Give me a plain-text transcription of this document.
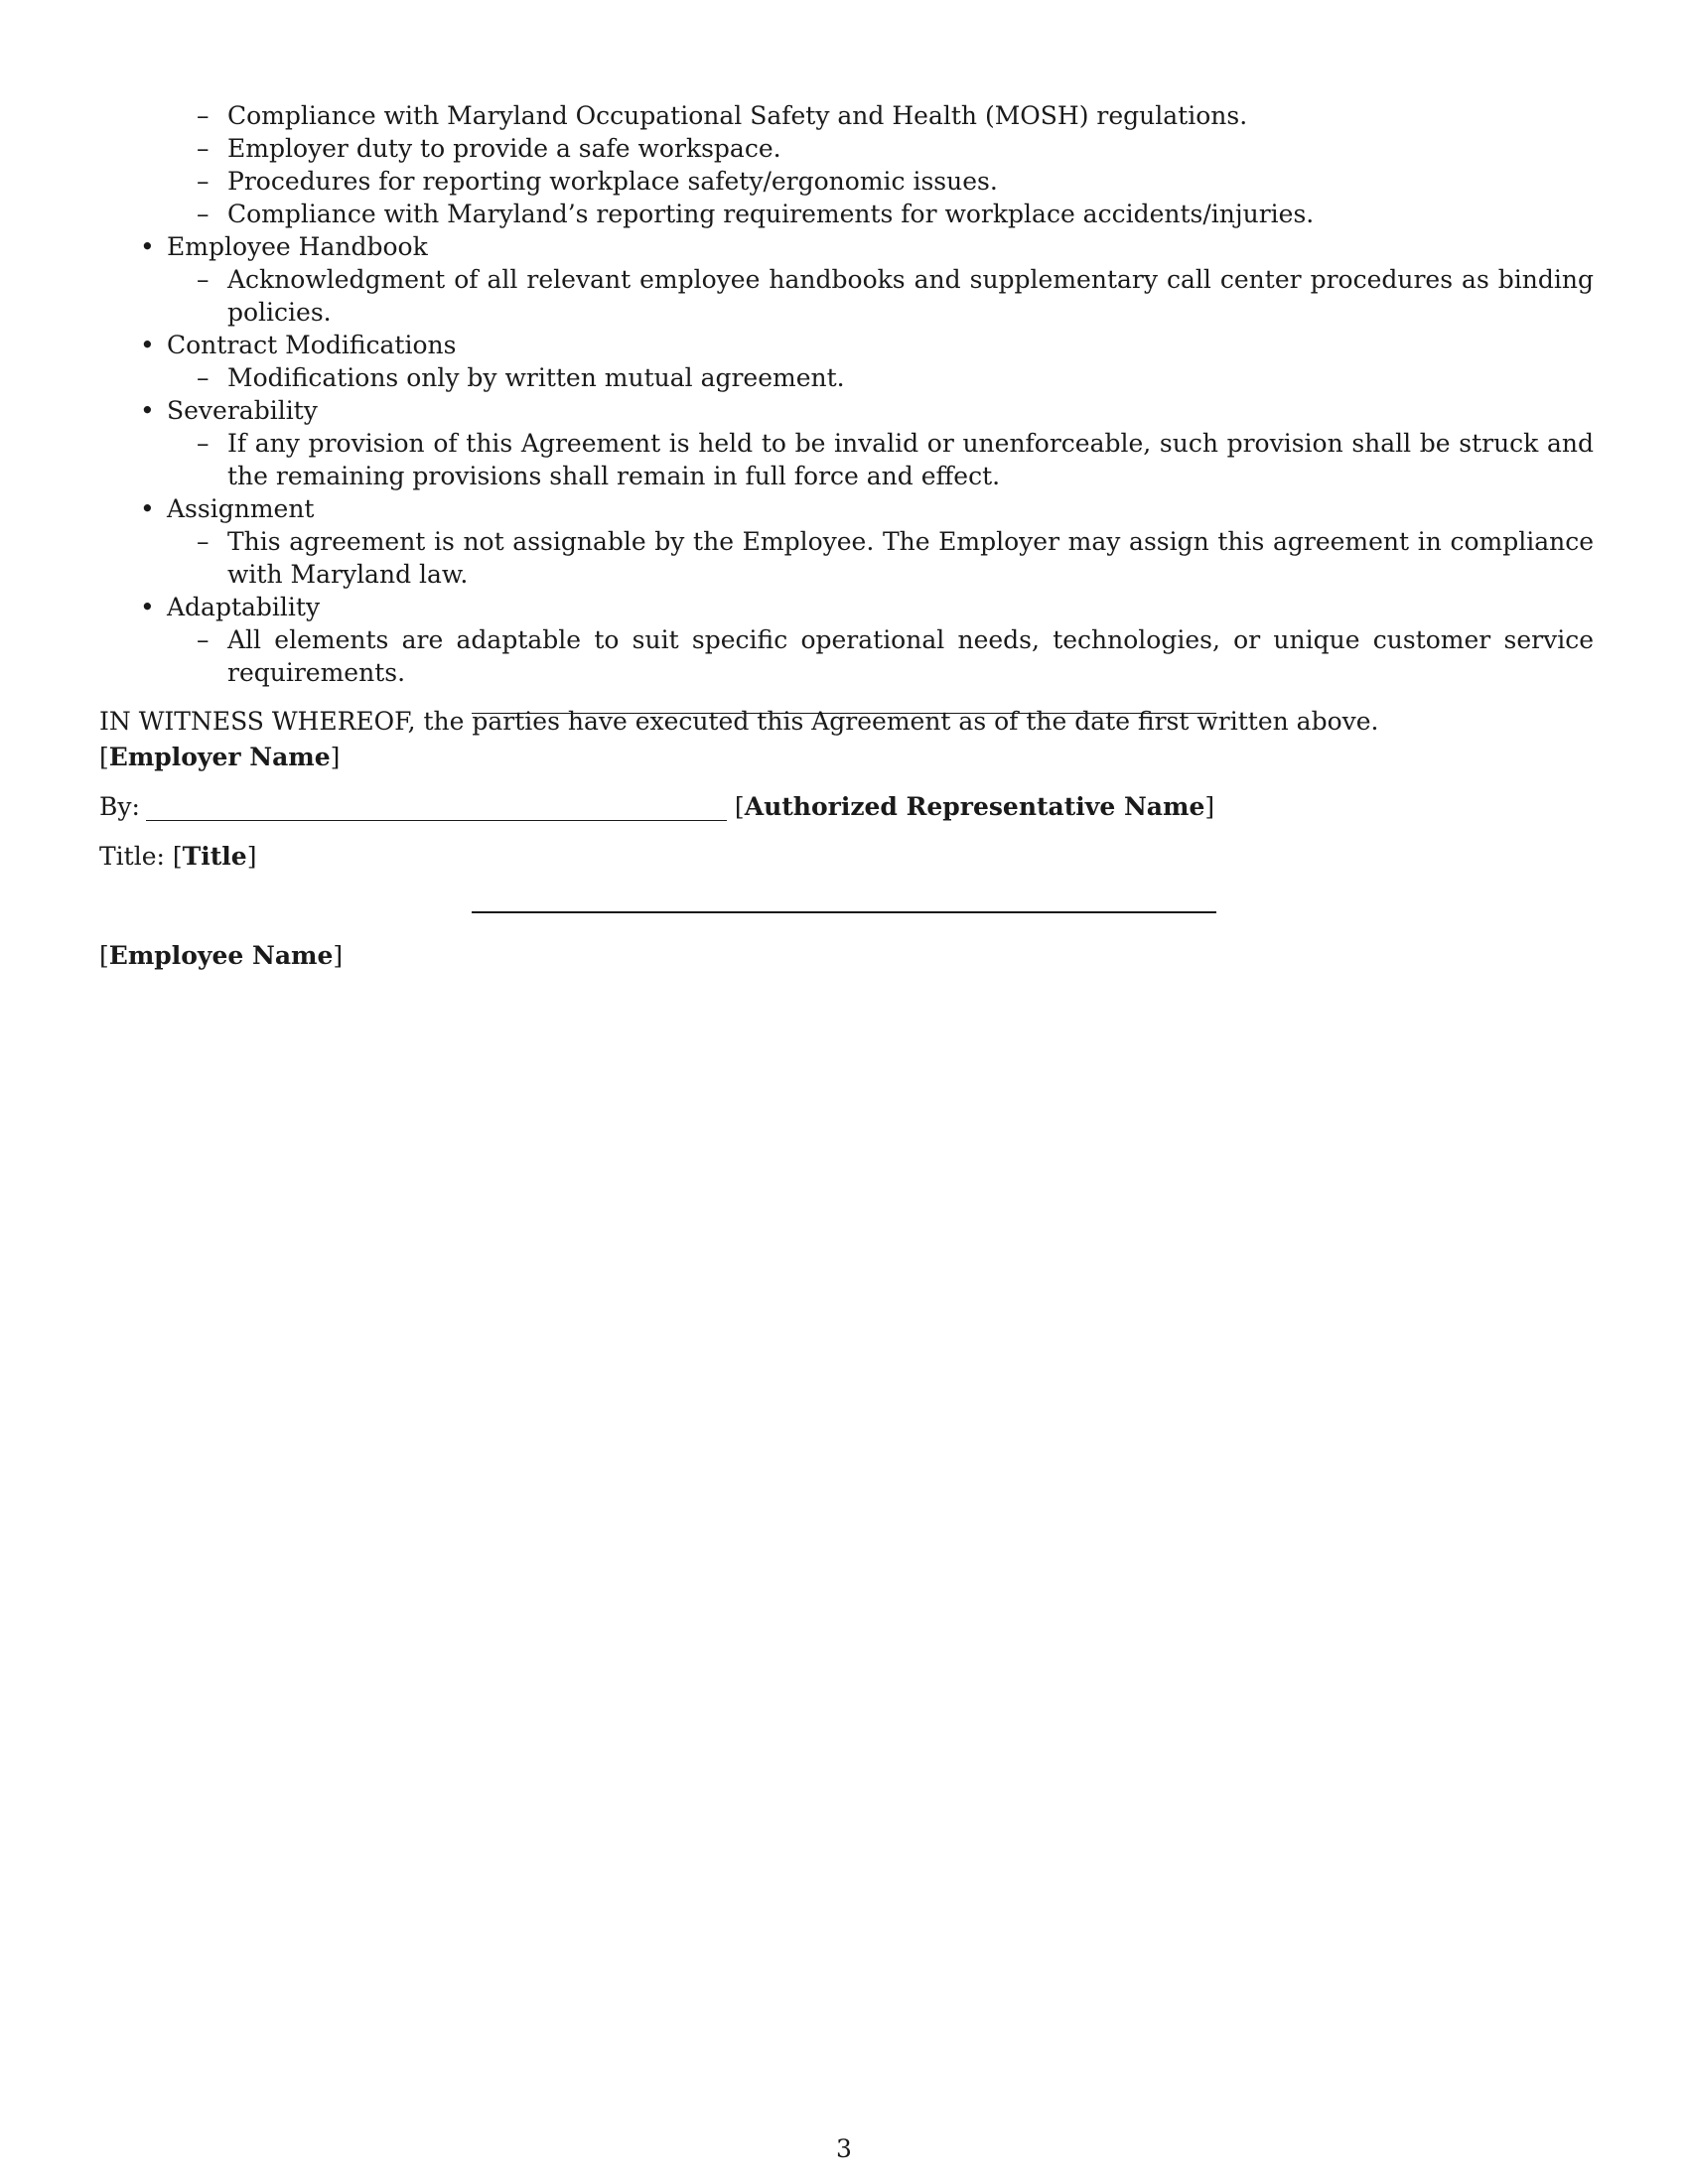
– Compliance with Maryland Occupational Safety and Health (MOSH) regulations.
– Employer duty to provide a safe workspace.
– Procedures for reporting workplace safety/ergonomic issues.
– Compliance with Maryland’s reporting requirements for workplace accidents/injuries.
• Employee Handbook
– Acknowledgment of all relevant employee handbooks and supplementary call center procedures as binding policies.
• Contract Modifications
– Modifications only by written mutual agreement.
• Severability
– If any provision of this Agreement is held to be invalid or unenforceable, such provision shall be struck and the remaining provisions shall remain in full force and effect.
• Assignment
– This agreement is not assignable by the Employee. The Employer may assign this agreement in compliance with Maryland law.
• Adaptability
– All elements are adaptable to suit specific operational needs, technologies, or unique customer service requirements.
IN WITNESS WHEREOF, the parties have executed this Agreement as of the date first written above.
[Employer Name]
By:	[Authorized Representative Name]
Title: [Title]
[Employee Name]
3
